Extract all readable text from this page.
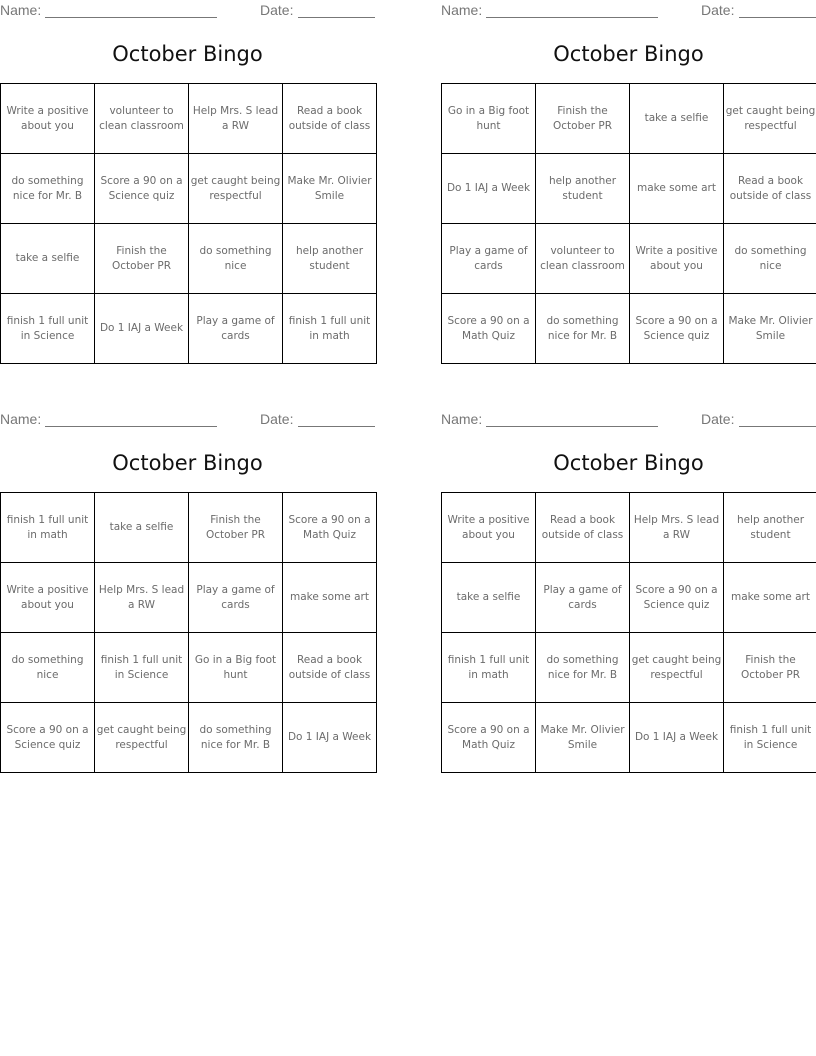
Name:	Date:
October Bingo
Write a positive about you	volunteer to clean classroom	Help Mrs. S lead a RW	Read a book outside of class
do something nice for Mr. B	Score a 90 on a Science quiz	get caught being respectful	Make Mr. Olivier Smile
take a selfie	Finish the October PR	do something nice	help another student
finish 1 full unit in Science	Do 1 IAJ a Week	Play a game of cards	finish 1 full unit in math
Name:	Date:
October Bingo
Go in a Big foot hunt	Finish the October PR	take a selfie	get caught being respectful
Do 1 IAJ a Week	help another student	make some art	Read a book outside of class
Play a game of cards	volunteer to clean classroom	Write a positive about you	do something nice
Score a 90 on a Math Quiz	do something nice for Mr. B	Score a 90 on a Science quiz	Make Mr. Olivier Smile
Name:	Date:
October Bingo
finish 1 full unit in math	take a selfie	Finish the October PR	Score a 90 on a Math Quiz
Write a positive about you	Help Mrs. S lead a RW	Play a game of cards	make some art
do something nice	finish 1 full unit in Science	Go in a Big foot hunt	Read a book outside of class
Score a 90 on a Science quiz	get caught being respectful	do something nice for Mr. B	Do 1 IAJ a Week
Name:	Date:
October Bingo
Write a positive about you	Read a book outside of class	Help Mrs. S lead a RW	help another student
take a selfie	Play a game of cards	Score a 90 on a Science quiz	make some art
finish 1 full unit in math	do something nice for Mr. B	get caught being respectful	Finish the October PR
Score a 90 on a Math Quiz	Make Mr. Olivier Smile	Do 1 IAJ a Week	finish 1 full unit in Science
